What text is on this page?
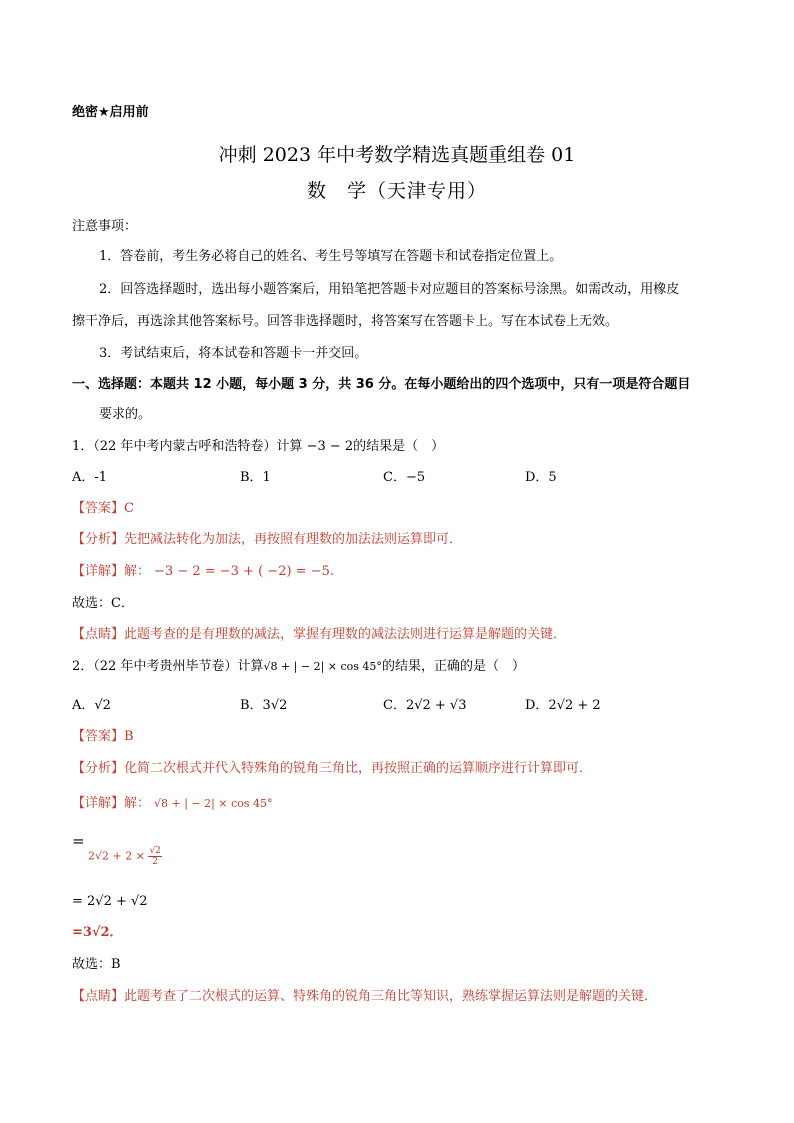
绝密★启用前
冲刺 2023 年中考数学精选真题重组卷 01
数　学（天津专用）
注意事项：
1．答卷前，考生务必将自己的姓名、考生号等填写在答题卡和试卷指定位置上。
2．回答选择题时，选出每小题答案后，用铅笔把答题卡对应题目的答案标号涂黑。如需改动，用橡皮
擦干净后，再选涂其他答案标号。回答非选择题时，将答案写在答题卡上。写在本试卷上无效。
3．考试结束后，将本试卷和答题卡一并交回。
一、选择题：本题共 12 小题，每小题 3 分，共 36 分。在每小题给出的四个选项中，只有一项是符合题目
要求的。
1．（22 年中考内蒙古呼和浩特卷）计算 −3 − 2的结果是（　）
A．-1	B．1	C．−5	D．5
【答案】C
【分析】先把减法转化为加法，再按照有理数的加法法则运算即可．
【详解】解： −3 − 2 = −3 + ( −2) = −5.
故选：C．
【点睛】此题考查的是有理数的减法，掌握有理数的减法法则进行运算是解题的关键．
2．（22 年中考贵州毕节卷）计算√8 + | − 2| × cos 45°的结果，正确的是（　）
A．√2	B．3√2	C．2√2 + √3	D．2√2 + 2
【答案】B
【分析】化简二次根式并代入特殊角的锐角三角比，再按照正确的运算顺序进行计算即可．
【详解】解： √8 + | − 2| × cos 45°
=
$2√2 + 2 \times \frac{√2}{2}$
= 2√2 + √2
=3√2．
故选：B
【点睛】此题考查了二次根式的运算、特殊角的锐角三角比等知识，熟练掌握运算法则是解题的关键．
